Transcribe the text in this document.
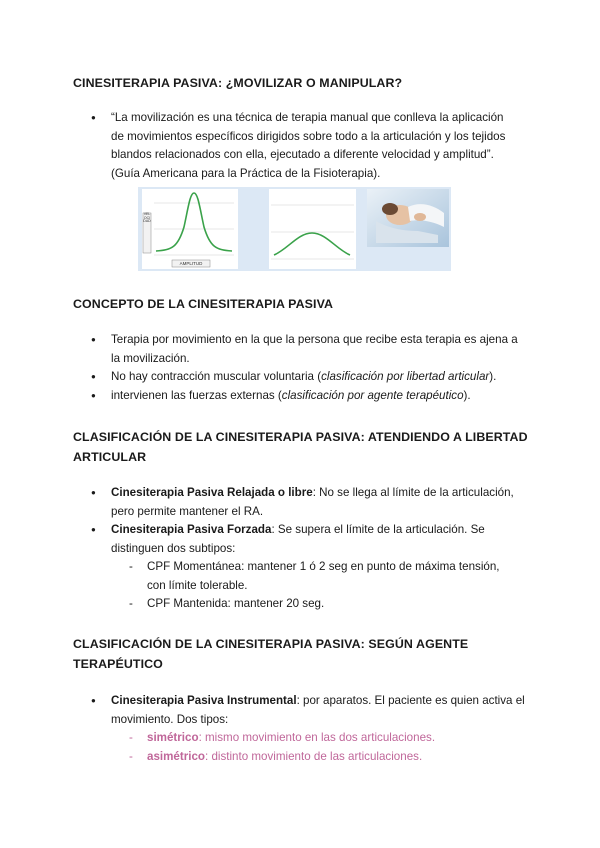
CINESITERAPIA PASIVA: ¿MOVILIZAR O MANIPULAR?
● “La movilización es una técnica de terapia manual que conlleva la aplicación
de movimientos específicos dirigidos sobre todo a la articulación y los tejidos
blandos relacionados con ella, ejecutado a diferente velocidad y amplitud”.
(Guía Americana para la Práctica de la Fisioterapia).
VELOCIDAD
AMPLITUD
CONCEPTO DE LA CINESITERAPIA PASIVA
● Terapia por movimiento en la que la persona que recibe esta terapia es ajena a
la movilización.
● No hay contracción muscular voluntaria (clasificación por libertad articular).
● intervienen las fuerzas externas (clasificación por agente terapéutico).
CLASIFICACIÓN DE LA CINESITERAPIA PASIVA: ATENDIENDO A LIBERTAD
ARTICULAR
● Cinesiterapia Pasiva Relajada o libre: No se llega al límite de la articulación,
pero permite mantener el RA.
● Cinesiterapia Pasiva Forzada: Se supera el límite de la articulación. Se
distinguen dos subtipos:
- CPF Momentánea: mantener 1 ó 2 seg en punto de máxima tensión,
con límite tolerable.
- CPF Mantenida: mantener 20 seg.
CLASIFICACIÓN DE LA CINESITERAPIA PASIVA: SEGÚN AGENTE
TERAPÉUTICO
● Cinesiterapia Pasiva Instrumental: por aparatos. El paciente es quien activa el
movimiento. Dos tipos:
- simétrico: mismo movimiento en las dos articulaciones.
- asimétrico: distinto movimiento de las articulaciones.
